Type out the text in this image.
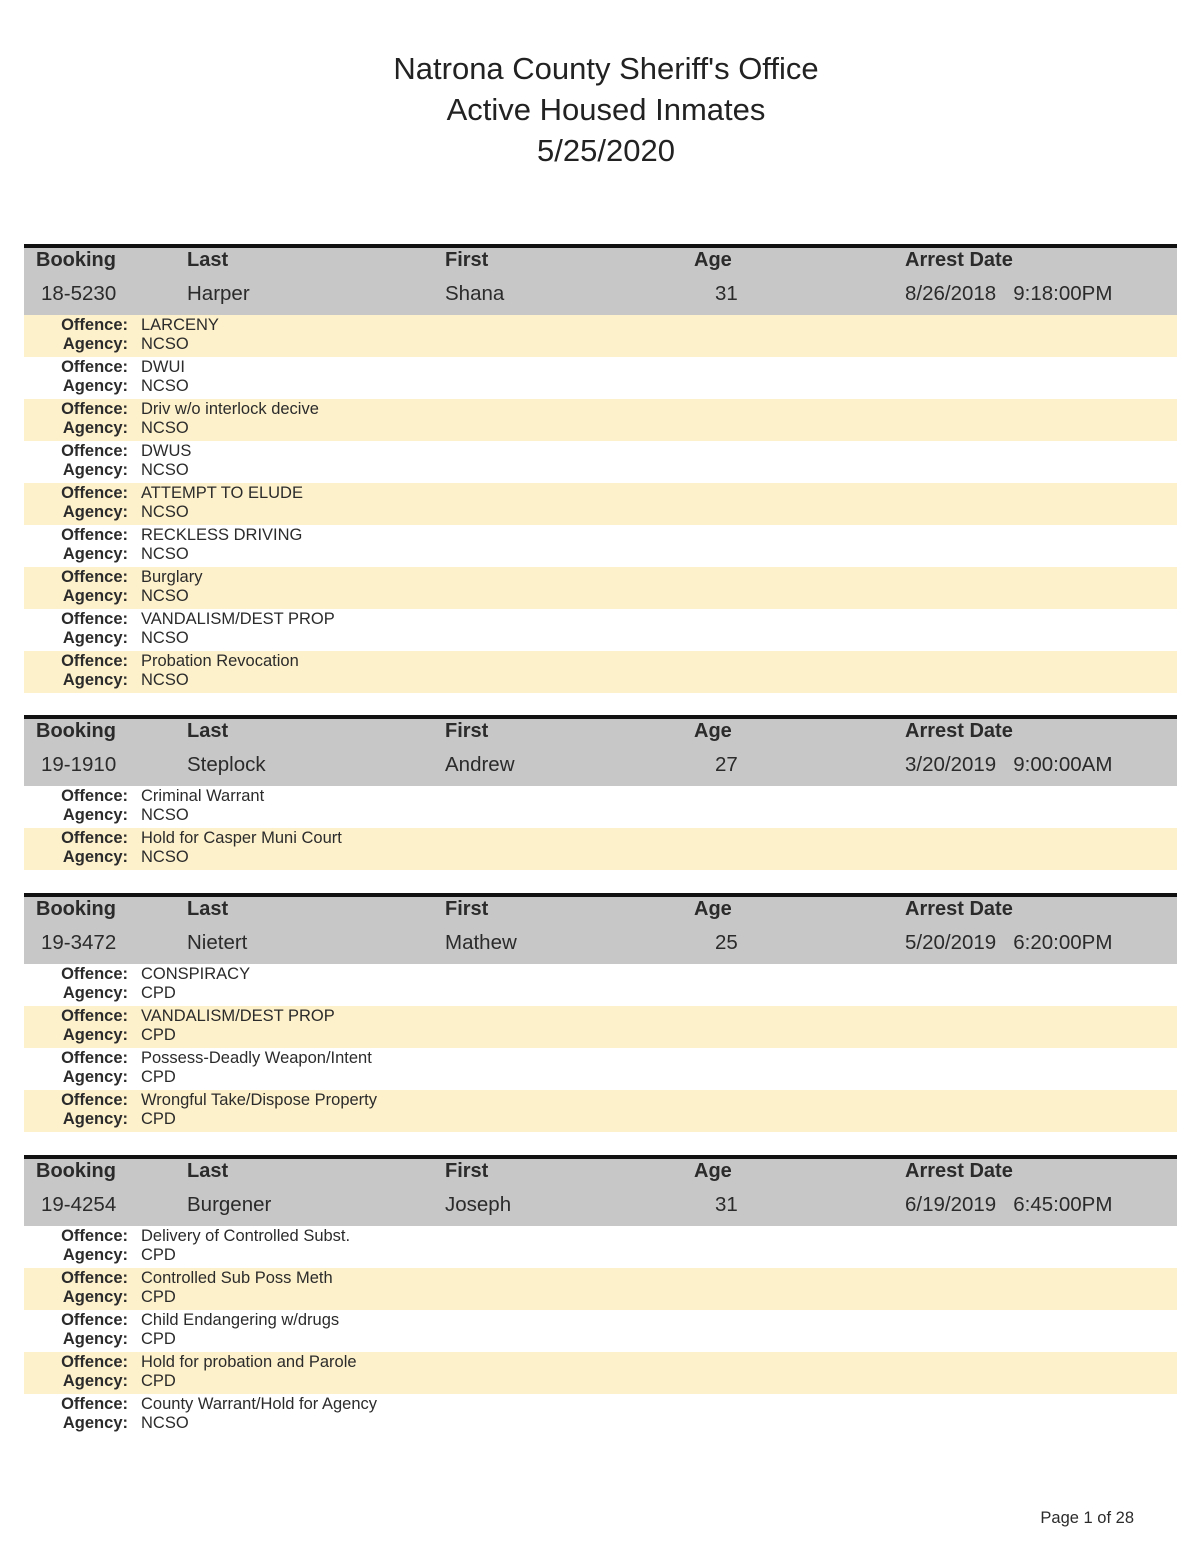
Natrona County Sheriff's Office
Active Housed Inmates
5/25/2020
Booking	Last	First	Age	Arrest Date
18-5230	Harper	Shana	31	8/26/2018   9:18:00PM
Offence: LARCENY
Agency: NCSO
Offence: DWUI
Agency: NCSO
Offence: Driv w/o interlock decive
Agency: NCSO
Offence: DWUS
Agency: NCSO
Offence: ATTEMPT TO ELUDE
Agency: NCSO
Offence: RECKLESS DRIVING
Agency: NCSO
Offence: Burglary
Agency: NCSO
Offence: VANDALISM/DEST PROP
Agency: NCSO
Offence: Probation Revocation
Agency: NCSO
Booking	Last	First	Age	Arrest Date
19-1910	Steplock	Andrew	27	3/20/2019   9:00:00AM
Offence: Criminal Warrant
Agency: NCSO
Offence: Hold for Casper Muni Court
Agency: NCSO
Booking	Last	First	Age	Arrest Date
19-3472	Nietert	Mathew	25	5/20/2019   6:20:00PM
Offence: CONSPIRACY
Agency: CPD
Offence: VANDALISM/DEST PROP
Agency: CPD
Offence: Possess-Deadly Weapon/Intent
Agency: CPD
Offence: Wrongful Take/Dispose Property
Agency: CPD
Booking	Last	First	Age	Arrest Date
19-4254	Burgener	Joseph	31	6/19/2019   6:45:00PM
Offence: Delivery of Controlled Subst.
Agency: CPD
Offence: Controlled Sub Poss Meth
Agency: CPD
Offence: Child Endangering w/drugs
Agency: CPD
Offence: Hold for probation and Parole
Agency: CPD
Offence: County Warrant/Hold for Agency
Agency: NCSO
Page 1 of 28
